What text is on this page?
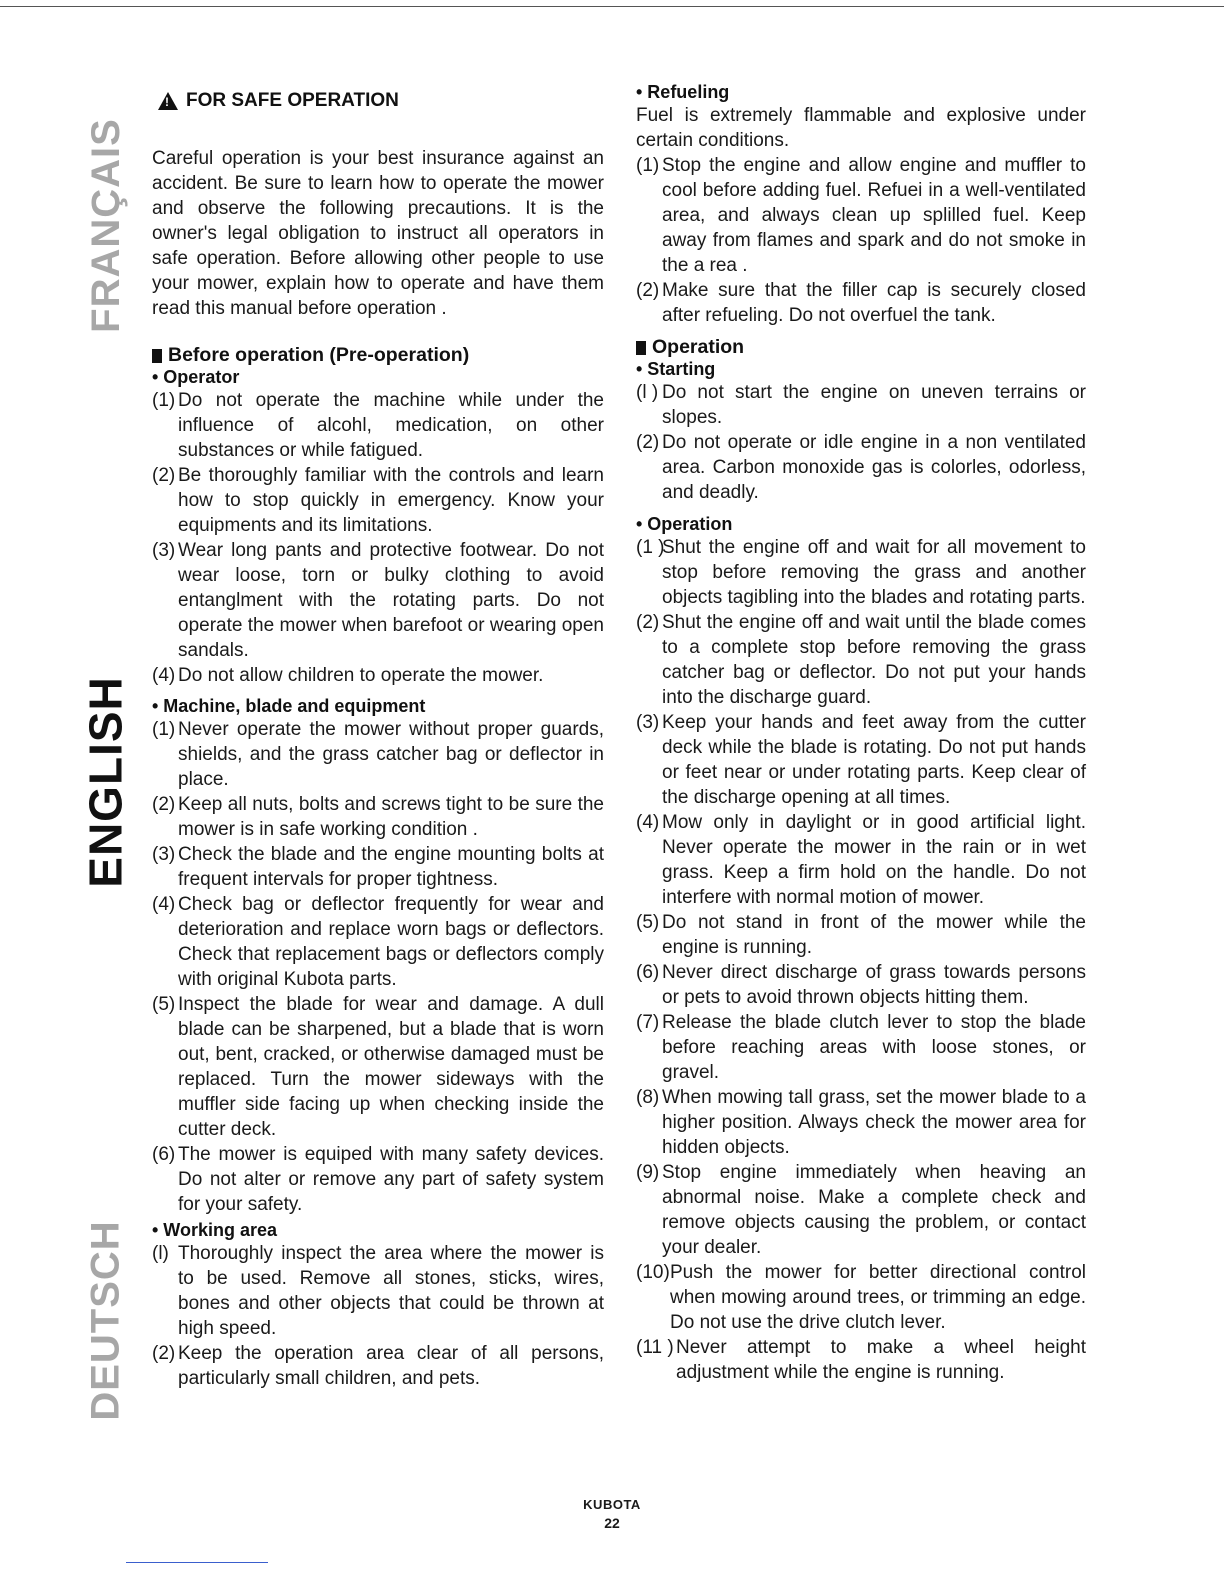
FRANÇAIS
ENGLISH
DEUTSCH
!
FOR SAFE OPERATION

Careful operation is your best insurance against an accident. Be sure to learn how to operate the mower and observe the following precautions. It is the owner's legal obligation to instruct all operators in safe operation. Before allowing other people to use your mower, explain how to operate and have them read this manual before operation .

Before operation (Pre-operation)

• Operator

(1) Do not operate the machine while under the influence of alcohl, medication, on other substances or while fatigued.
(2) Be thoroughly familiar with the controls and learn how to stop quickly in emergency. Know your equipments and its limitations.
(3) Wear long pants and protective footwear. Do not wear loose, torn or bulky clothing to avoid entanglment with the rotating parts. Do not operate the mower when barefoot or wearing open sandals.
(4) Do not allow children to operate the mower.

• Machine, blade and equipment

(1) Never operate the mower without proper guards, shields, and the grass catcher bag or deflector in place.
(2) Keep all nuts, bolts and screws tight to be sure the mower is in safe working condition .
(3) Check the blade and the engine mounting bolts at frequent intervals for proper tightness.
(4) Check bag or deflector frequently for wear and deterioration and replace worn bags or deflectors. Check that replacement bags or deflectors comply with original Kubota parts.
(5) Inspect the blade for wear and damage. A dull blade can be sharpened, but a blade that is worn out, bent, cracked, or otherwise damaged must be replaced. Turn the mower sideways with the muffler side facing up when checking inside the cutter deck.
(6) The mower is equiped with many safety devices. Do not alter or remove any part of safety system for your safety.

• Working area

(l) Thoroughly inspect the area where the mower is to be used. Remove all stones, sticks, wires, bones and other objects that could be thrown at high speed.
(2) Keep the operation area clear of all persons, particularly small children, and pets.

• Refueling

Fuel is extremely flammable and explosive under certain conditions.

(1) Stop the engine and allow engine and muffler to cool before adding fuel. Refuei in a well-ventilated area, and always clean up splilled fuel. Keep away from flames and spark and do not smoke in the a rea .
(2) Make sure that the filler cap is securely closed after refueling. Do not overfuel the tank.

Operation

• Starting

(l ) Do not start the engine on uneven terrains or slopes.
(2) Do not operate or idle engine in a non ventilated area. Carbon monoxide gas is colorles, odorless, and deadly.

• Operation

(1 )
Shut the engine off and wait for all movement to stop before removing the grass and another objects tagibling into the blades and rotating parts.
(2) Shut the engine off and wait until the blade comes to a complete stop before removing the grass catcher bag or deflector. Do not put your hands into the discharge guard.
(3) Keep your hands and feet away from the cutter deck while the blade is rotating. Do not put hands or feet near or under rotating parts. Keep clear of the discharge opening at all times.
(4) Mow only in daylight or in good artificial light. Never operate the mower in the rain or in wet grass. Keep a firm hold on the handle. Do not interfere with normal motion of mower.
(5) Do not stand in front of the mower while the engine is running.
(6) Never direct discharge of grass towards persons or pets to avoid thrown objects hitting them.
(7) Release the blade clutch lever to stop the blade before reaching areas with loose stones, or gravel.
(8) When mowing tall grass, set the mower blade to a higher position. Always check the mower area for hidden objects.
(9) Stop engine immediately when heaving an abnormal noise. Make a complete check and remove objects causing the problem, or contact your dealer.
(10) Push the mower for better directional control when mowing around trees, or trimming an edge. Do not use the drive clutch lever.
(11 ) Never attempt to make a wheel height adjustment while the engine is running.
KUBOTA
22
